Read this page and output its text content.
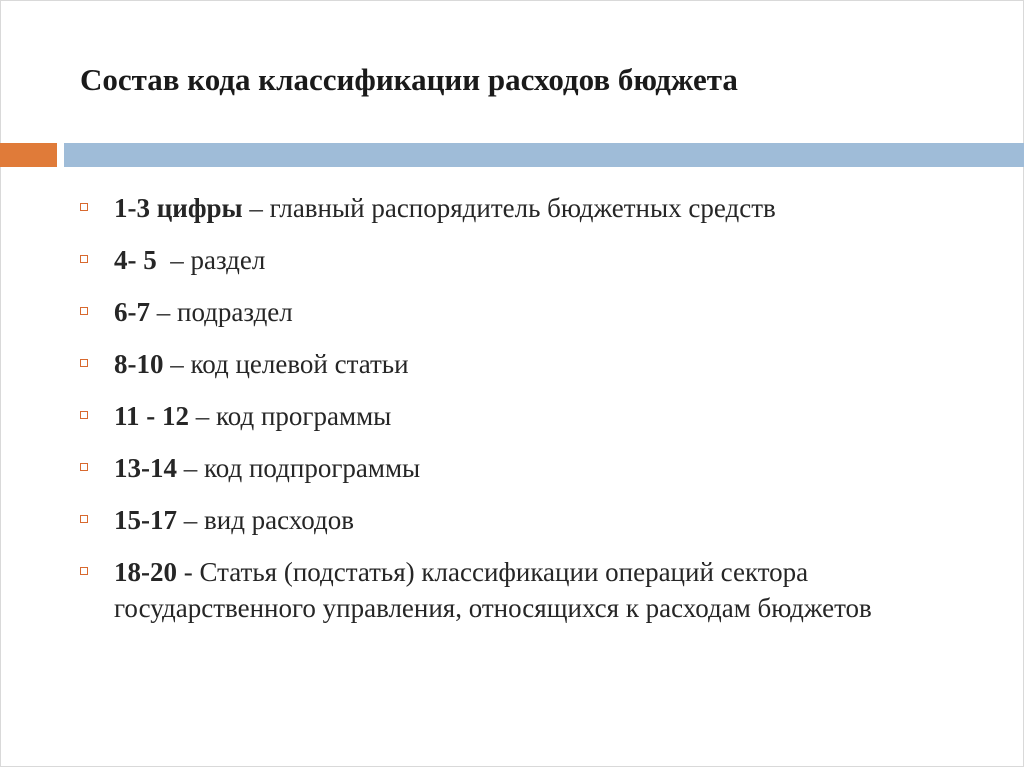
Состав кода классификации расходов бюджета
1-3 цифры – главный распорядитель бюджетных средств
4- 5  – раздел
6-7 – подраздел
8-10 – код целевой статьи
11 - 12 – код программы
13-14 – код подпрограммы
15-17 – вид расходов
18-20 - Статья (подстатья) классификации операций сектора государственного управления, относящихся к расходам бюджетов
